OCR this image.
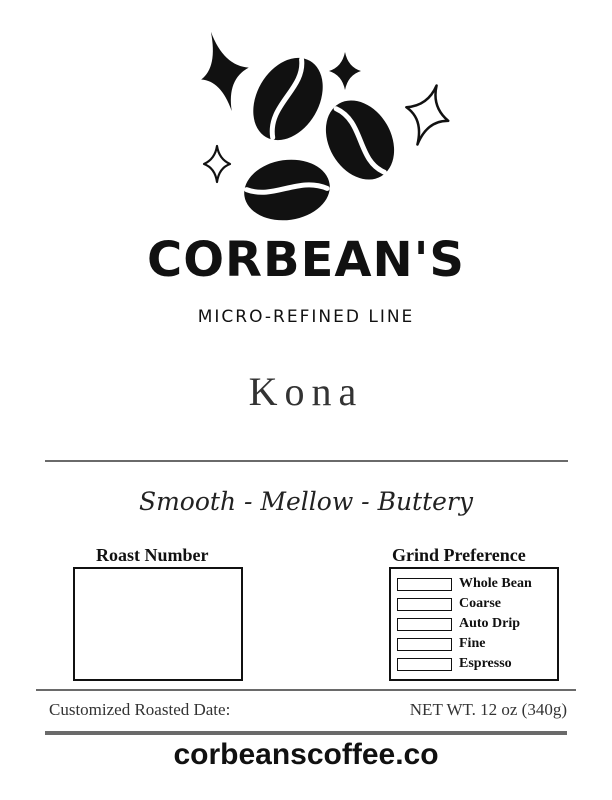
CORBEAN'S
MICRO-REFINED LINE
Kona
Smooth - Mellow - Buttery
Roast Number	Grind Preference
Whole Bean
Coarse
Auto Drip
Fine
Espresso
Customized Roasted Date:	NET WT. 12 oz (340g)
corbeanscoffee.co
